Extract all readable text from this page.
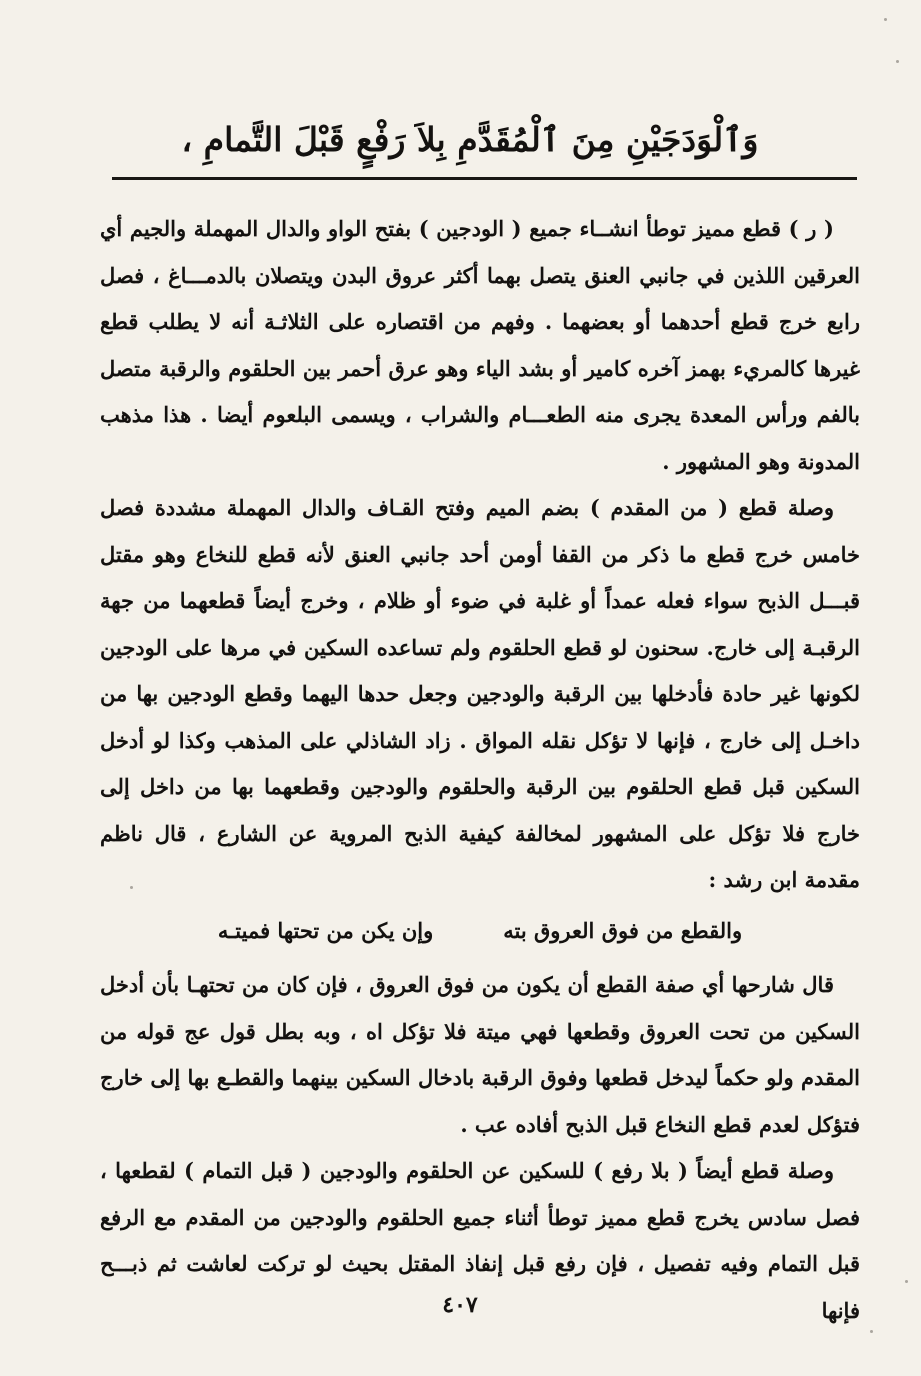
وَٱلْوَدَجَيْنِ مِنَ ٱلْمُقَدَّمِ بِلاَ رَفْعٍ قَبْلَ التَّمامِ ،

( ر ) قطع مميز توطأ انشــاء جميع ( الودجين ) بفتح الواو والدال المهملة والجيم أي العرقين اللذين في جانبي العنق يتصل بهما أكثر عروق البدن ويتصلان بالدمـــاغ ، فصل رابع خرج قطع أحدهما أو بعضهما . وفهم من اقتصاره على الثلاثـة أنه لا يطلب قطع غيرها كالمريء بهمز آخره كامير أو بشد الياء وهو عرق أحمر بين الحلقوم والرقبة متصل بالفم ورأس المعدة يجرى منه الطعـــام والشراب ، ويسمى البلعوم أيضا . هذا مذهب المدونة وهو المشهور .

وصلة قطع ( من المقدم ) بضم الميم وفتح القـاف والدال المهملة مشددة فصل خامس خرج قطع ما ذكر من القفا أومن أحد جانبي العنق لأنه قطع للنخاع وهو مقتل قبـــل الذبح سواء فعله عمداً أو غلبة في ضوء أو ظلام ، وخرج أيضاً قطعهما من جهة الرقبـة إلى خارج. سحنون لو قطع الحلقوم ولم تساعده السكين في مرها على الودجين لكونها غير حادة فأدخلها بين الرقبة والودجين وجعل حدها اليهما وقطع الودجين بها من داخـل إلى خارج ، فإنها لا تؤكل نقله المواق . زاد الشاذلي على المذهب وكذا لو أدخل السكين قبل قطع الحلقوم بين الرقبة والحلقوم والودجين وقطعهما بها من داخل إلى خارج فلا تؤكل على المشهور لمخالفة كيفية الذبح المروية عن الشارع ، قال ناظم مقدمة ابن رشد :

والقطع من فوق العروق بته
وإن يكن من تحتها فميتـه

قال شارحها أي صفة القطع أن يكون من فوق العروق ، فإن كان من تحتهـا بأن أدخل السكين من تحت العروق وقطعها فهي ميتة فلا تؤكل اه ، وبه بطل قول عج قوله من المقدم ولو حكماً ليدخل قطعها وفوق الرقبة بادخال السكين بينهما والقطـع بها إلى خارج فتؤكل لعدم قطع النخاع قبل الذبح أفاده عب .

وصلة قطع أيضاً ( بلا رفع ) للسكين عن الحلقوم والودجين ( قبل التمام ) لقطعها ، فصل سادس يخرج قطع مميز توطأ أثناء جميع الحلقوم والودجين من المقدم مع الرفع قبل التمام وفيه تفصيل ، فإن رفع قبل إنفاذ المقتل بحيث لو تركت لعاشت ثم ذبـــح فإنها

٤٠٧
